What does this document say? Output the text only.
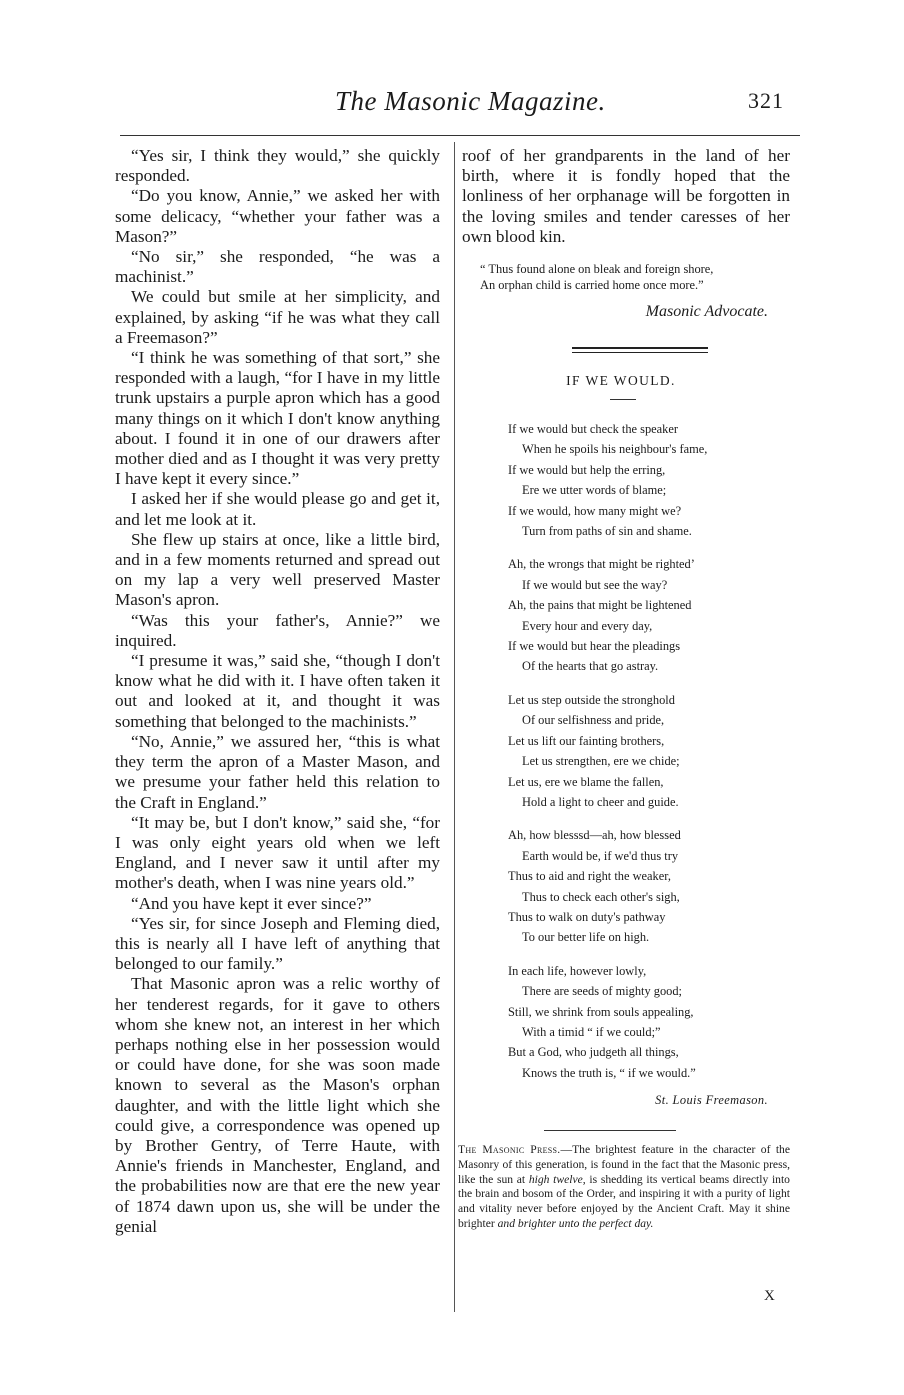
The Masonic Magazine.	321

“Yes sir, I think they would,” she quickly responded.

“Do you know, Annie,” we asked her with some delicacy, “whether your father was a Mason?”

“No sir,” she responded, “he was a machinist.”

We could but smile at her simplicity, and explained, by asking “if he was what they call a Freemason?”

“I think he was something of that sort,” she responded with a laugh, “for I have in my little trunk upstairs a purple apron which has a good many things on it which I don't know anything about. I found it in one of our drawers after mother died and as I thought it was very pretty I have kept it every since.”

I asked her if she would please go and get it, and let me look at it.

She flew up stairs at once, like a little bird, and in a few moments returned and spread out on my lap a very well preserved Master Mason's apron.

“Was this your father's, Annie?” we inquired.

“I presume it was,” said she, “though I don't know what he did with it. I have often taken it out and looked at it, and thought it was something that belonged to the machinists.”

“No, Annie,” we assured her, “this is what they term the apron of a Master Mason, and we presume your father held this relation to the Craft in England.”

“It may be, but I don't know,” said she, “for I was only eight years old when we left England, and I never saw it until after my mother's death, when I was nine years old.”

“And you have kept it ever since?”

“Yes sir, for since Joseph and Fleming died, this is nearly all I have left of anything that belonged to our family.”

That Masonic apron was a relic worthy of her tenderest regards, for it gave to others whom she knew not, an interest in her which perhaps nothing else in her possession would or could have done, for she was soon made known to several as the Mason's orphan daughter, and with the little light which she could give, a correspondence was opened up by Brother Gentry, of Terre Haute, with Annie's friends in Manchester, England, and the probabilities now are that ere the new year of 1874 dawn upon us, she will be under the genial

roof of her grandparents in the land of her birth, where it is fondly hoped that the lonliness of her orphanage will be forgotten in the loving smiles and tender caresses of her own blood kin.

“ Thus found alone on bleak and foreign shore,
An orphan child is carried home once more.”
Masonic Advocate.
IF WE WOULD.
If we would but check the speaker
When he spoils his neighbour's fame,
If we would but help the erring,
Ere we utter words of blame;
If we would, how many might we?
Turn from paths of sin and shame.
Ah, the wrongs that might be righted’
If we would but see the way?
Ah, the pains that might be lightened
Every hour and every day,
If we would but hear the pleadings
Of the hearts that go astray.
Let us step outside the stronghold
Of our selfishness and pride,
Let us lift our fainting brothers,
Let us strengthen, ere we chide;
Let us, ere we blame the fallen,
Hold a light to cheer and guide.
Ah, how blesssd—ah, how blessed
Earth would be, if we'd thus try
Thus to aid and right the weaker,
Thus to check each other's sigh,
Thus to walk on duty's pathway
To our better life on high.
In each life, however lowly,
There are seeds of mighty good;
Still, we shrink from souls appealing,
With a timid “ if we could;”
But a God, who judgeth all things,
Knows the truth is, “ if we would.”
St. Louis Freemason.

The Masonic Press.—The brightest feature in the character of the Masonry of this generation, is found in the fact that the Masonic press, like the sun at high twelve, is shedding its vertical beams directly into the brain and bosom of the Order, and inspiring it with a purity of light and vitality never before enjoyed by the Ancient Craft. May it shine brighter and brighter unto the perfect day.

X
